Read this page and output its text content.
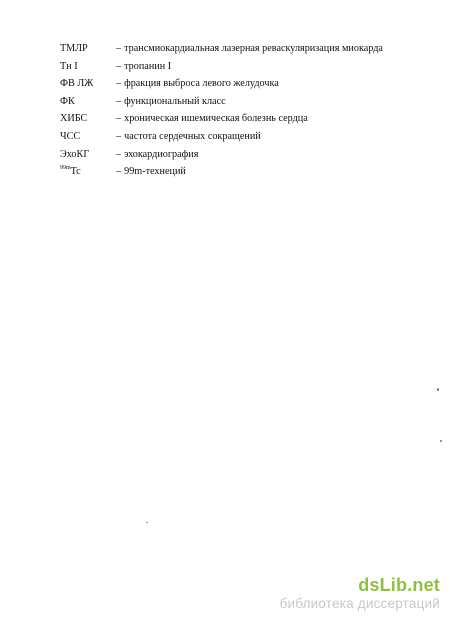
ТМЛР	– трансмиокардиальная лазерная реваскуляризация миокарда
Тн I	– тропанин I
ФВ ЛЖ	– фракция выброса левого желудочка
ФК	– функциональный класс
ХИБС	– хроническая ишемическая болезнь сердца
ЧСС	– частота сердечных сокращений
ЭхоКГ	– эхокардиография
$^{99m}$Tc	– 99m-технеций
dsLib.net
библиотека диссертаций
